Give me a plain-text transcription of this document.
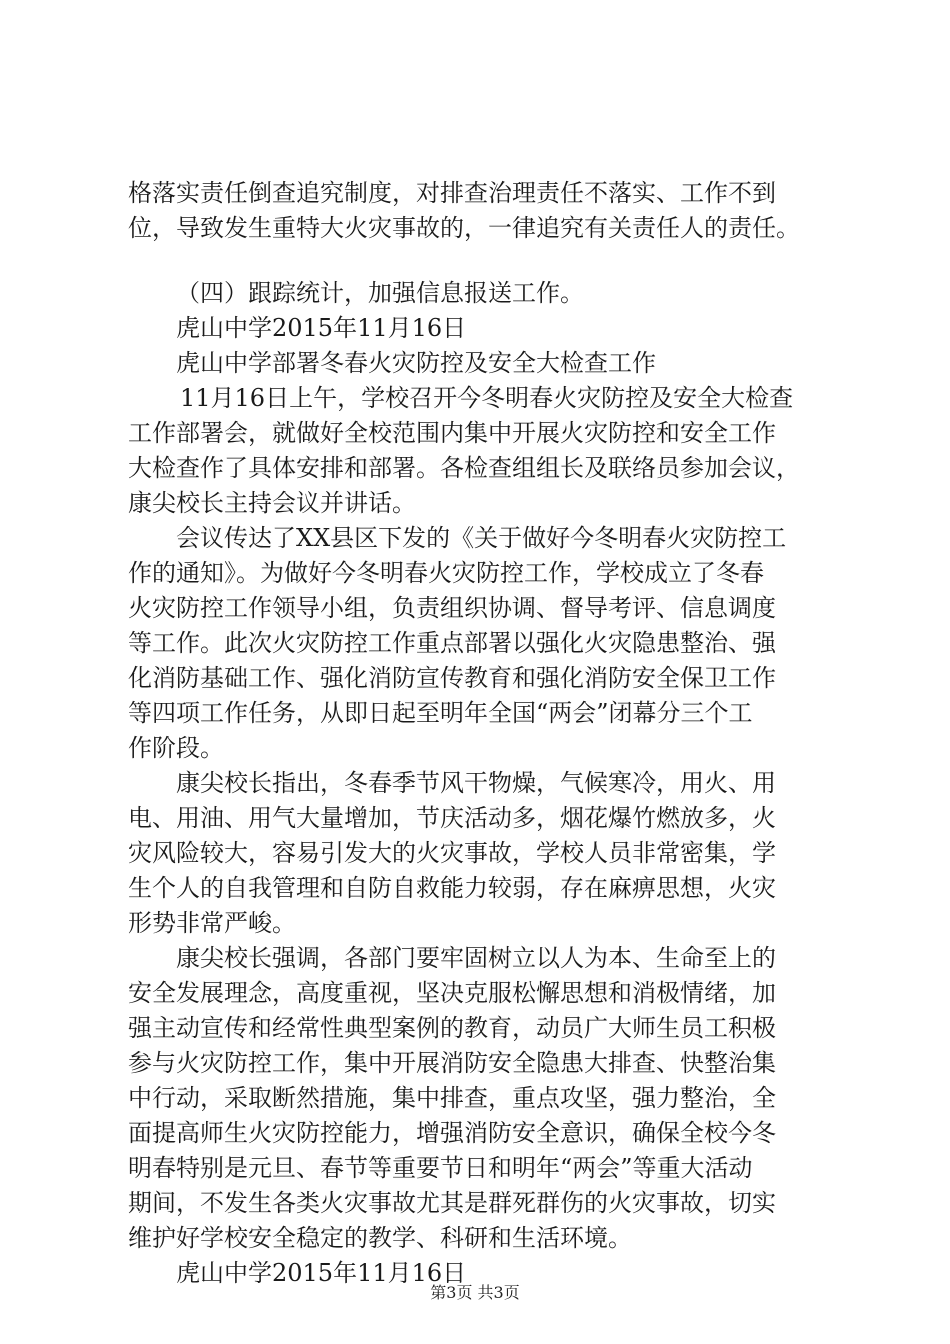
格落实责任倒查追究制度，对排查治理责任不落实、工作不到
位，导致发生重特大火灾事故的，一律追究有关责任人的责任。
（四）跟踪统计，加强信息报送工作。
虎山中学2015年11月16日
虎山中学部署冬春火灾防控及安全大检查工作
11月16日上午，学校召开今冬明春火灾防控及安全大检查
工作部署会，就做好全校范围内集中开展火灾防控和安全工作
大检查作了具体安排和部署。各检查组组长及联络员参加会议，
康尖校长主持会议并讲话。
会议传达了XX县区下发的《关于做好今冬明春火灾防控工
作的通知》。为做好今冬明春火灾防控工作，学校成立了冬春
火灾防控工作领导小组，负责组织协调、督导考评、信息调度
等工作。此次火灾防控工作重点部署以强化火灾隐患整治、强
化消防基础工作、强化消防宣传教育和强化消防安全保卫工作
等四项工作任务，从即日起至明年全国“两会”闭幕分三个工
作阶段。
康尖校长指出，冬春季节风干物燥，气候寒冷，用火、用
电、用油、用气大量增加，节庆活动多，烟花爆竹燃放多，火
灾风险较大，容易引发大的火灾事故，学校人员非常密集，学
生个人的自我管理和自防自救能力较弱，存在麻痹思想，火灾
形势非常严峻。
康尖校长强调，各部门要牢固树立以人为本、生命至上的
安全发展理念，高度重视，坚决克服松懈思想和消极情绪，加
强主动宣传和经常性典型案例的教育，动员广大师生员工积极
参与火灾防控工作，集中开展消防安全隐患大排查、快整治集
中行动，采取断然措施，集中排查，重点攻坚，强力整治，全
面提高师生火灾防控能力，增强消防安全意识，确保全校今冬
明春特别是元旦、春节等重要节日和明年“两会”等重大活动
期间，不发生各类火灾事故尤其是群死群伤的火灾事故，切实
维护好学校安全稳定的教学、科研和生活环境。
虎山中学2015年11月16日
第3页 共3页
